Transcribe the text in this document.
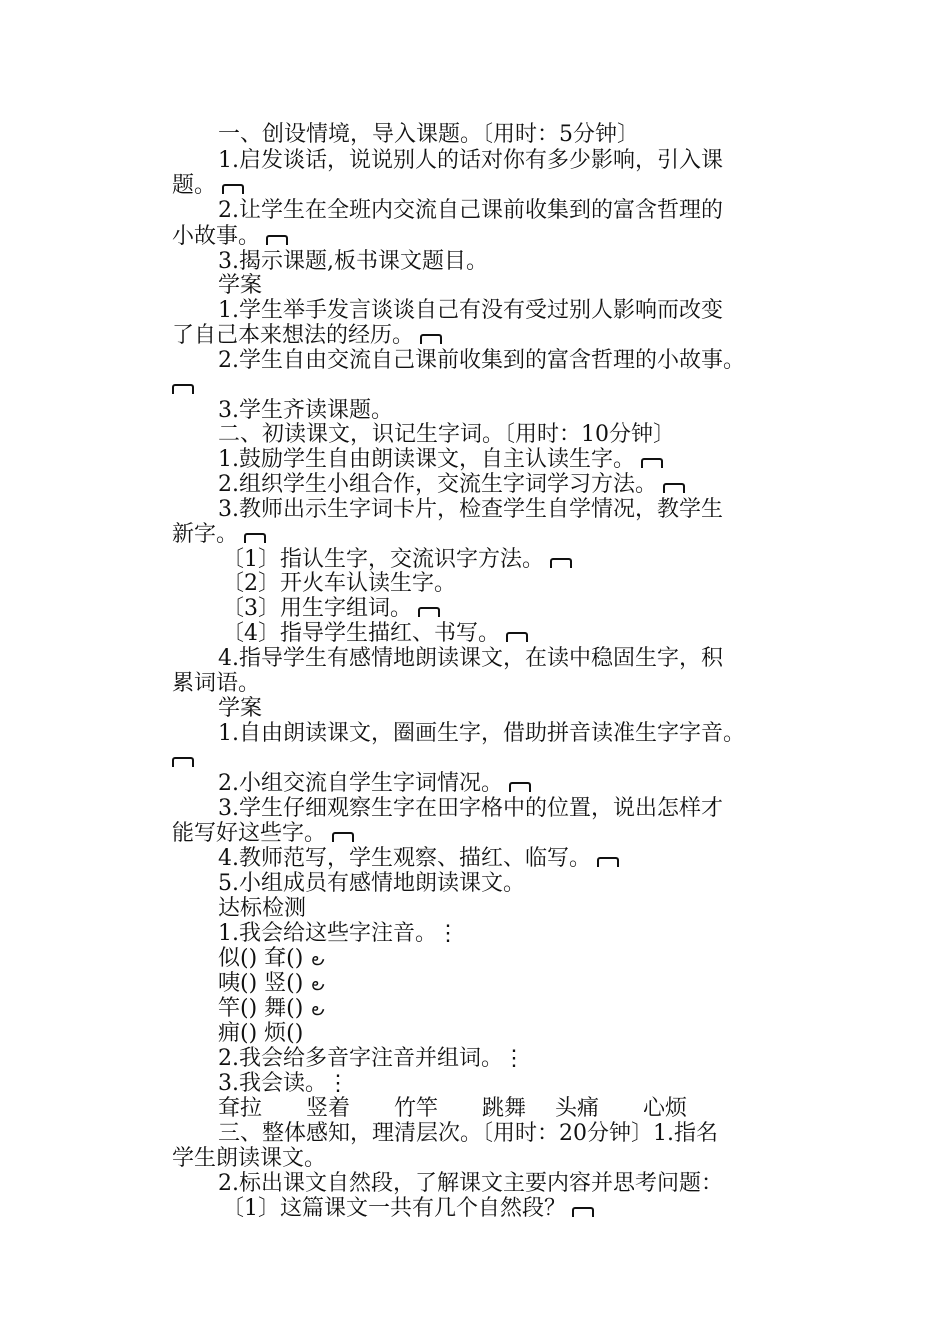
一、创设情境，导入课题。〔用时：5分钟〕
1.启发谈话，说说别人的话对你有多少影响，引入课
题。
2.让学生在全班内交流自己课前收集到的富含哲理的
小故事。
3.揭示课题,板书课文题目。
学案
1.学生举手发言谈谈自己有没有受过别人影响而改变
了自己本来想法的经历。
2.学生自由交流自己课前收集到的富含哲理的小故事。
3.学生齐读课题。
二、初读课文，识记生字词。〔用时：10分钟〕
1.鼓励学生自由朗读课文，自主认读生字。
2.组织学生小组合作，交流生字词学习方法。
3.教师出示生字词卡片，检查学生自学情况，教学生
新字。
〔1〕指认生字，交流识字方法。
〔2〕开火车认读生字。
〔3〕用生字组词。
〔4〕指导学生描红、书写。
4.指导学生有感情地朗读课文，在读中稳固生字，积
累词语。
学案
1.自由朗读课文，圈画生字，借助拼音读准生字字音。
2.小组交流自学生字词情况。
3.学生仔细观察生字在田字格中的位置，说出怎样才
能写好这些字。
4.教师范写，学生观察、描红、临写。
5.小组成员有感情地朗读课文。
达标检测
1.我会给这些字注音。⋮
似() 耷() ౿
咦() 竖() ౿
竿() 舞() ౿
痈() 烦()
2.我会给多音字注音并组词。⋮
3.我会读。⋮
耷拉　　竖着　　竹竿　　跳舞　 头痛　　心烦
三、整体感知，理清层次。〔用时：20分钟〕1.指名
学生朗读课文。
2.标出课文自然段，了解课文主要内容并思考问题：
〔1〕这篇课文一共有几个自然段？
